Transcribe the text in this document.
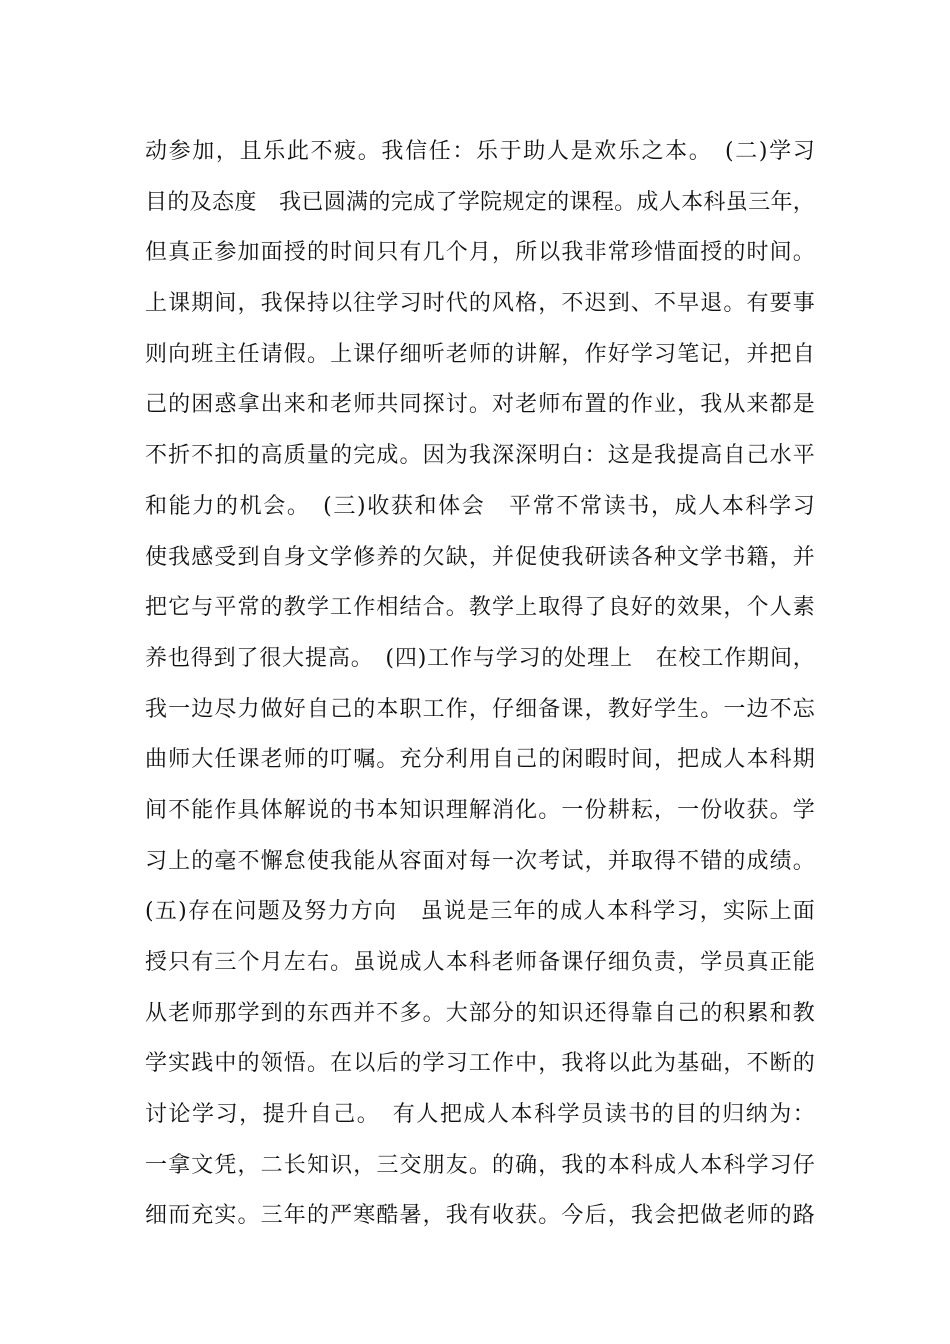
动参加，且乐此不疲。我信任：乐于助人是欢乐之本。　(二)学习
目的及态度　我已圆满的完成了学院规定的课程。成人本科虽三年，
但真正参加面授的时间只有几个月，所以我非常珍惜面授的时间。
上课期间，我保持以往学习时代的风格，不迟到、不早退。有要事
则向班主任请假。上课仔细听老师的讲解，作好学习笔记，并把自
己的困惑拿出来和老师共同探讨。对老师布置的作业，我从来都是
不折不扣的高质量的完成。因为我深深明白：这是我提高自己水平
和能力的机会。　(三)收获和体会　平常不常读书，成人本科学习
使我感受到自身文学修养的欠缺，并促使我研读各种文学书籍，并
把它与平常的教学工作相结合。教学上取得了良好的效果，个人素
养也得到了很大提高。　(四)工作与学习的处理上　在校工作期间，
我一边尽力做好自己的本职工作，仔细备课，教好学生。一边不忘
曲师大任课老师的叮嘱。充分利用自己的闲暇时间，把成人本科期
间不能作具体解说的书本知识理解消化。一份耕耘，一份收获。学
习上的毫不懈怠使我能从容面对每一次考试，并取得不错的成绩。
(五)存在问题及努力方向　虽说是三年的成人本科学习，实际上面
授只有三个月左右。虽说成人本科老师备课仔细负责，学员真正能
从老师那学到的东西并不多。大部分的知识还得靠自己的积累和教
学实践中的领悟。在以后的学习工作中，我将以此为基础，不断的
讨论学习，提升自己。　有人把成人本科学员读书的目的归纳为：
一拿文凭，二长知识，三交朋友。的确，我的本科成人本科学习仔
细而充实。三年的严寒酷暑，我有收获。今后，我会把做老师的路
